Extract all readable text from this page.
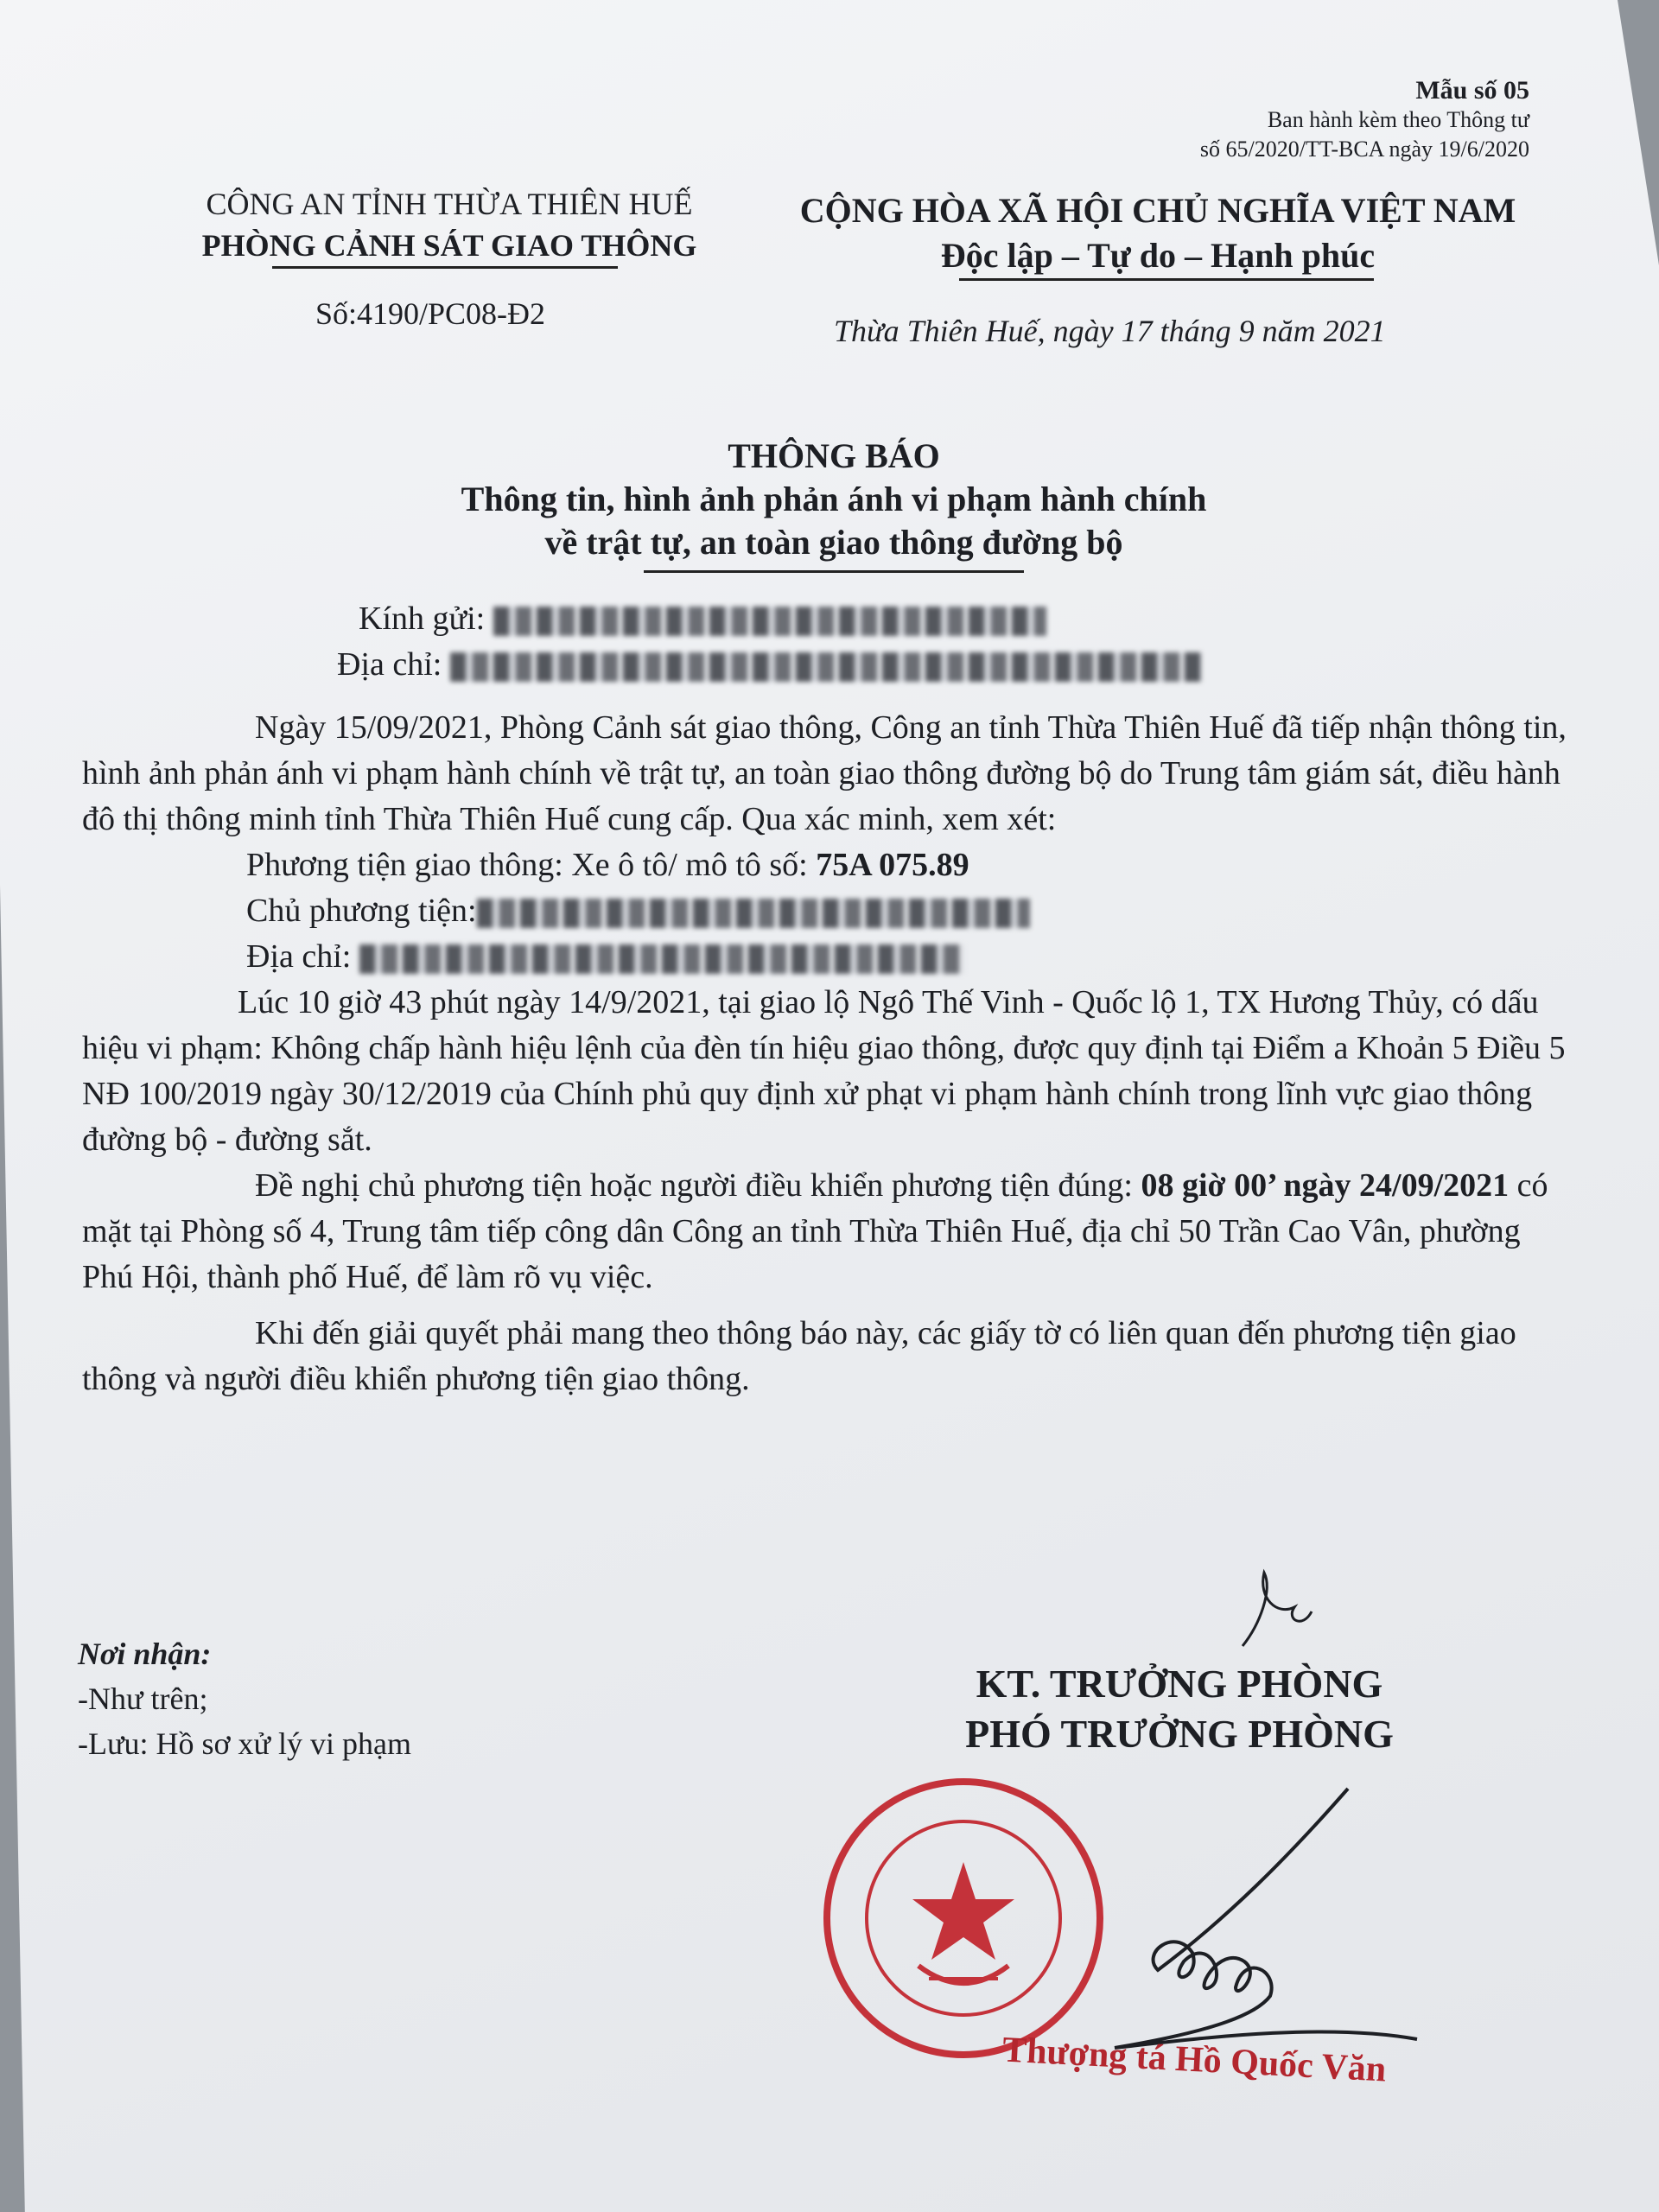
Mẫu số 05
Ban hành kèm theo Thông tư
số 65/2020/TT-BCA ngày 19/6/2020
CÔNG AN TỈNH THỪA THIÊN HUẾ
PHÒNG CẢNH SÁT GIAO THÔNG
Số:4190/PC08-Đ2
CỘNG HÒA XÃ HỘI CHỦ NGHĨA VIỆT NAM
Độc lập – Tự do – Hạnh phúc
Thừa Thiên Huế, ngày 17 tháng 9 năm 2021
THÔNG BÁO
Thông tin, hình ảnh phản ánh vi phạm hành chính
về trật tự, an toàn giao thông đường bộ

Kính gửi:

Địa chỉ:

Ngày 15/09/2021, Phòng Cảnh sát giao thông, Công an tỉnh Thừa Thiên Huế đã tiếp nhận thông tin, hình ảnh phản ánh vi phạm hành chính về trật tự, an toàn giao thông đường bộ do Trung tâm giám sát, điều hành đô thị thông minh tỉnh Thừa Thiên Huế cung cấp. Qua xác minh, xem xét:

Phương tiện giao thông: Xe ô tô/ mô tô số: 75A 075.89

Chủ phương tiện:

Địa chỉ:

Lúc 10 giờ 43 phút ngày 14/9/2021, tại giao lộ Ngô Thế Vinh - Quốc lộ 1, TX Hương Thủy, có dấu hiệu vi phạm: Không chấp hành hiệu lệnh của đèn tín hiệu giao thông, được quy định tại Điểm a Khoản 5 Điều 5 NĐ 100/2019 ngày 30/12/2019 của Chính phủ quy định xử phạt vi phạm hành chính trong lĩnh vực giao thông đường bộ - đường sắt.

Đề nghị chủ phương tiện hoặc người điều khiển phương tiện đúng: 08 giờ 00’ ngày 24/09/2021 có mặt tại Phòng số 4, Trung tâm tiếp công dân Công an tỉnh Thừa Thiên Huế, địa chỉ 50 Trần Cao Vân, phường Phú Hội, thành phố Huế, để làm rõ vụ việc.

Khi đến giải quyết phải mang theo thông báo này, các giấy tờ có liên quan đến phương tiện giao thông và người điều khiển phương tiện giao thông.

Nơi nhận:
-Như trên;
-Lưu: Hồ sơ xử lý vi phạm
KT. TRƯỞNG PHÒNG
PHÓ TRƯỞNG PHÒNG
Thượng tá Hồ Quốc Văn
